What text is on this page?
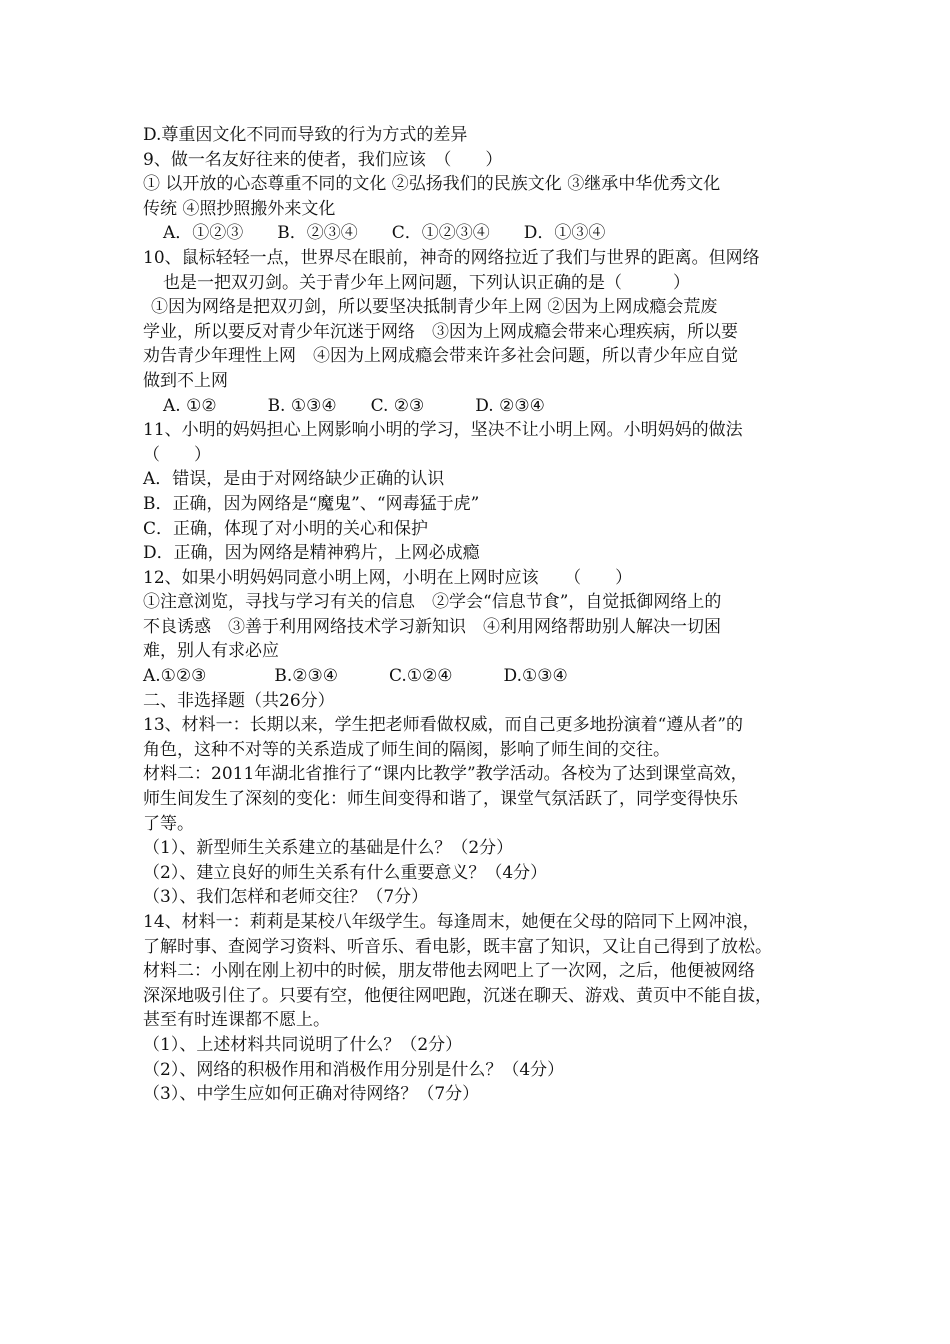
D.尊重因文化不同而导致的行为方式的差异
9、做一名友好往来的使者，我们应该　（　　）
① 以开放的心态尊重不同的文化 ②弘扬我们的民族文化 ③继承中华优秀文化
传统 ④照抄照搬外来文化
A．①②③　　B．②③④　　C．①②③④　　D．①③④
10、鼠标轻轻一点，世界尽在眼前，神奇的网络拉近了我们与世界的距离。但网络
也是一把双刃剑。关于青少年上网问题，下列认识正确的是（　　　）
①因为网络是把双刃剑，所以要坚决抵制青少年上网 ②因为上网成瘾会荒废
学业，所以要反对青少年沉迷于网络　③因为上网成瘾会带来心理疾病，所以要
劝告青少年理性上网　④因为上网成瘾会带来许多社会问题，所以青少年应自觉
做到不上网
A. ①②　　　B. ①③④　　C. ②③　　　D. ②③④
11、小明的妈妈担心上网影响小明的学习，坚决不让小明上网。小明妈妈的做法
（　　）
A．错误，是由于对网络缺少正确的认识
B．正确，因为网络是“魔鬼”、“网毒猛于虎”
C．正确，体现了对小明的关心和保护
D．正确，因为网络是精神鸦片，上网必成瘾
12、如果小明妈妈同意小明上网，小明在上网时应该　　（　　）
①注意浏览，寻找与学习有关的信息　②学会“信息节食”，自觉抵御网络上的
不良诱惑　③善于利用网络技术学习新知识　④利用网络帮助别人解决一切困
难，别人有求必应
A.①②③　　　　B.②③④　　　C.①②④　　　D.①③④
二、非选择题（共26分）
13、材料一：长期以来，学生把老师看做权威，而自己更多地扮演着“遵从者”的
角色，这种不对等的关系造成了师生间的隔阂，影响了师生间的交往。
材料二：2011年湖北省推行了“课内比教学”教学活动。各校为了达到课堂高效，
师生间发生了深刻的变化：师生间变得和谐了，课堂气氛活跃了，同学变得快乐
了等。
（1）、新型师生关系建立的基础是什么？（2分）
（2）、建立良好的师生关系有什么重要意义？（4分）
（3）、我们怎样和老师交往？（7分）
14、材料一：莉莉是某校八年级学生。每逢周末，她便在父母的陪同下上网冲浪，
了解时事、查阅学习资料、听音乐、看电影，既丰富了知识，又让自己得到了放松。
材料二：小刚在刚上初中的时候，朋友带他去网吧上了一次网，之后，他便被网络
深深地吸引住了。只要有空，他便往网吧跑，沉迷在聊天、游戏、黄页中不能自拔，
甚至有时连课都不愿上。
（1）、上述材料共同说明了什么？（2分）
（2）、网络的积极作用和消极作用分别是什么？（4分）
（3）、中学生应如何正确对待网络？（7分）
